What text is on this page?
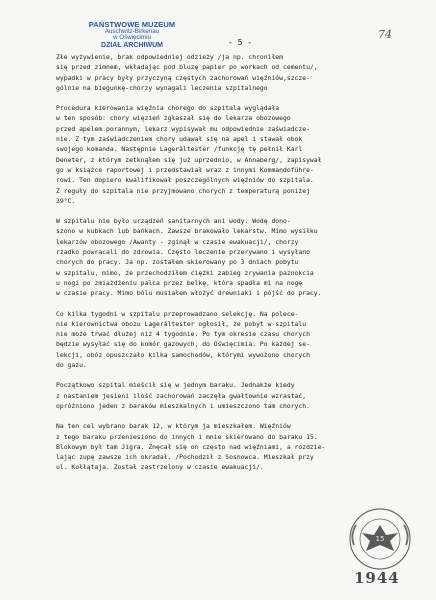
PAŃSTWOWE MUZEUM
Auschwitz-Birkenau
w Oświęcimiu
DZIAŁ ARCHIWUM	- 5 -
74

Złe wyżywienie, brak odpowiedniej odzieży /ja np. chroniłem
się przed zimnem, wkładając pod bluzę papier po workach od cementu/,
wypadki w pracy były przyczyną częstych zachorowań więźniów,szcze-
gólnie na biegunkę-chorzy wynagali leczenia szpitalnego

Procedura kierowania więźnia chorego do szpitala wyglądała
w ten sposób: chory więzień zgłaszał się do lekarza obozowego
przed apelem porannym, lekarz wypisywał mu odpowiednie zaświadcze-
nie. Z tym zaświadczeniem chory udawał się na apel i stawał obok
swojego komanda. Następnie Lagerältester /funkcję tę pełnił Karl
Deneter, z którym zetknąłem się już uprzednio, w Annaberg/, zapisywał
go w książce raportowej i przedstawiał wraz z innymi Kommandoführe-
rowi. Ten dopiero kwalifikował poszczególnych więźniów do szpitala.
Z reguły do szpitala nie przyjmowano chorych z temperaturą poniżej
39°C.

W szpitalu nie było urządzeń sanitarnych ani wody. Wodę dono-
szono w kubkach lub bańkach. Zawsze brakowało lekarstw. Mimo wysiłku
lekarzów obozowego /Awanty - zginął w czasie ewakuacji/, chorzy
rzadko powracali do zdrowia. Często leczenie przerywano i wysyłano
chorych do pracy. Ja np. zostałem skierowany po 3 dniach pobytu
w szpitalu, mimo, że przechodziłem ciężki zabieg zrywania paznokcia
u nogi po zmiażdżeniu palca przez belkę, która spadła mi na nogę
w czasie pracy. Mimo bólu musiałem włożyć drewniaki i pójść do pracy.

Co kilka tygodni w szpitalu przeprowadzano selekcję. Na polece-
nie kierownictwa obozu Lagerältester ogłosił, że pobyt w szpitalu
nie może trwać dłużej niż 4 tygodnie. Po tym okresie czasu chorych
będzie wysyłać się do komór gazowych, do Oświęcimia. Po każdej se-
lekcji, obóz opuszczało kilka samochodów, którymi wywożono chorych
do gazu.

Początkowo szpital mieścił się w jednym baraku. Jednakże kiedy
z nastaniem jesieni ilość zachorowań zaczęła gwałtownie wzrastać,
opróżniono jeden z baraków mieszkalnych i umieszczono tam chorych.

Na ten cel wybrano barak 12, w którym ja mieszkałem. Więźniów
z tego baraku przeniesiono do innych i mnie skierowano do baraku 15.
Blokowym był tam Jigra. Znęcał się on często nad więźniami, a rozdzie-
lając zupę zawsze ich okradał. /Pochodził z Sosnowca. Mieszkał przy
ul. Kołłątaja. Został zastrzelony w czasie ewakuacji/.

15
1944
